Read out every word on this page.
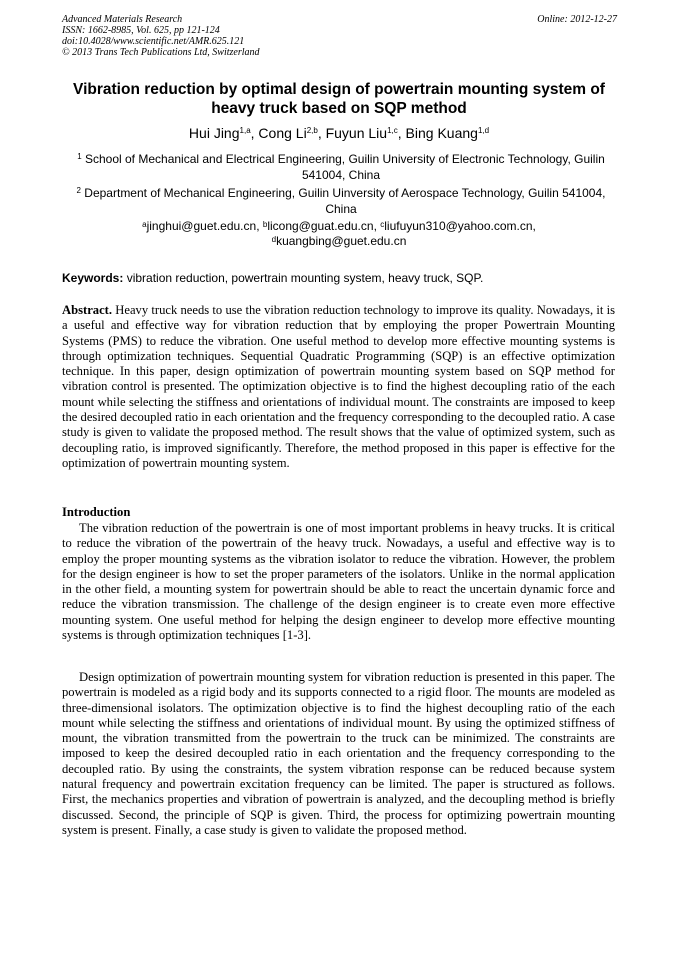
Advanced Materials Research
ISSN: 1662-8985, Vol. 625, pp 121-124
doi:10.4028/www.scientific.net/AMR.625.121
© 2013 Trans Tech Publications Ltd, Switzerland
Online: 2012-12-27
Vibration reduction by optimal design of powertrain mounting system of heavy truck based on SQP method
Hui Jing$^{1,a}$, Cong Li$^{2,b}$, Fuyun Liu$^{1,c}$, Bing Kuang$^{1,d}$
$^1$ School of Mechanical and Electrical Engineering, Guilin University of Electronic Technology, Guilin 541004, China
$^2$ Department of Mechanical Engineering, Guilin Uinversity of Aerospace Technology, Guilin 541004, China
$^a$jinghui@guet.edu.cn, $^b$licong@guat.edu.cn, $^c$liufuyun310@yahoo.com.cn,
$^d$kuangbing@guet.edu.cn
Keywords: vibration reduction, powertrain mounting system, heavy truck, SQP.
Abstract. Heavy truck needs to use the vibration reduction technology to improve its quality. Nowadays, it is a useful and effective way for vibration reduction that by employing the proper Powertrain Mounting Systems (PMS) to reduce the vibration. One useful method to develop more effective mounting systems is through optimization techniques. Sequential Quadratic Programming (SQP) is an effective optimization technique. In this paper, design optimization of powertrain mounting system based on SQP method for vibration control is presented. The optimization objective is to find the highest decoupling ratio of the each mount while selecting the stiffness and orientations of individual mount. The constraints are imposed to keep the desired decoupled ratio in each orientation and the frequency corresponding to the decoupled ratio. A case study is given to validate the proposed method. The result shows that the value of optimized system, such as decoupling ratio, is improved significantly. Therefore, the method proposed in this paper is effective for the optimization of powertrain mounting system.
Introduction
The vibration reduction of the powertrain is one of most important problems in heavy trucks. It is critical to reduce the vibration of the powertrain of the heavy truck. Nowadays, a useful and effective way is to employ the proper mounting systems as the vibration isolator to reduce the vibration. However, the problem for the design engineer is how to set the proper parameters of the isolators. Unlike in the normal application in the other field, a mounting system for powertrain should be able to react the uncertain dynamic force and reduce the vibration transmission. The challenge of the design engineer is to create even more effective mounting system. One useful method for helping the design engineer to develop more effective mounting systems is through optimization techniques [1-3].
Design optimization of powertrain mounting system for vibration reduction is presented in this paper. The powertrain is modeled as a rigid body and its supports connected to a rigid floor. The mounts are modeled as three-dimensional isolators. The optimization objective is to find the highest decoupling ratio of the each mount while selecting the stiffness and orientations of individual mount. By using the optimized stiffness of mount, the vibration transmitted from the powertrain to the truck can be minimized. The constraints are imposed to keep the desired decoupled ratio in each orientation and the frequency corresponding to the decoupled ratio. By using the constraints, the system vibration response can be reduced because system natural frequency and powertrain excitation frequency can be limited. The paper is structured as follows. First, the mechanics properties and vibration of powertrain is analyzed, and the decoupling method is briefly discussed. Second, the principle of SQP is given. Third, the process for optimizing powertrain mounting system is present. Finally, a case study is given to validate the proposed method.
